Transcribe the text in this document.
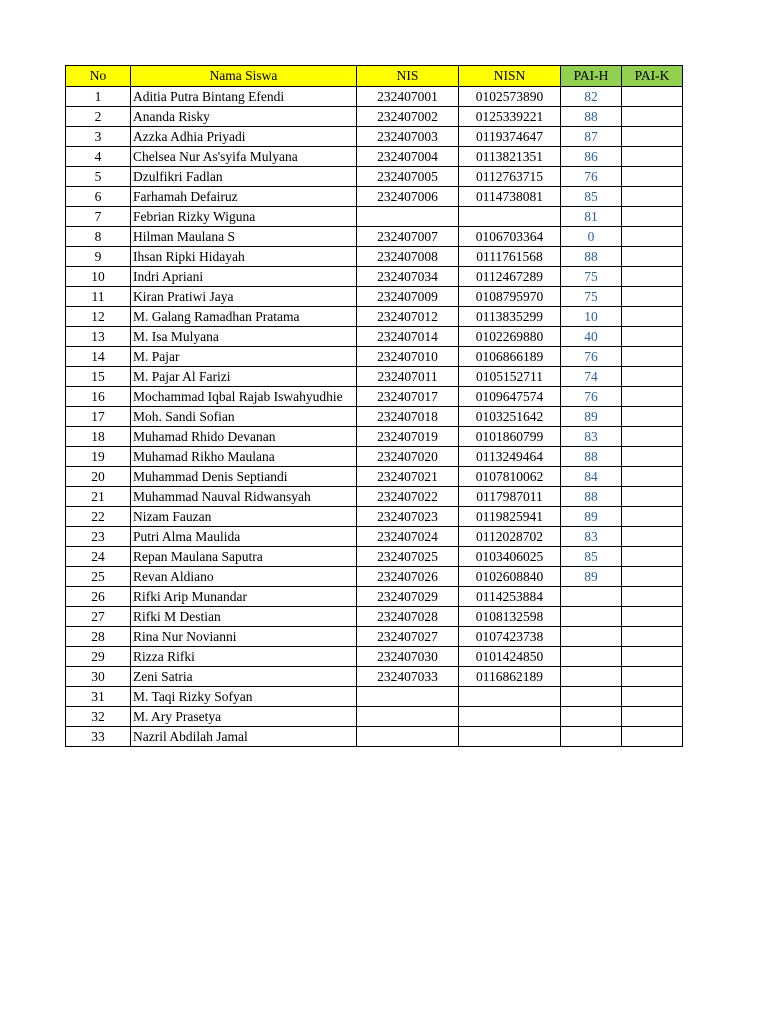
No	Nama Siswa	NIS	NISN	PAI-H	PAI-K
1	Aditia Putra Bintang Efendi	232407001	0102573890	82	
2	Ananda Risky	232407002	0125339221	88	
3	Azzka Adhia Priyadi	232407003	0119374647	87	
4	Chelsea Nur As'syifa Mulyana	232407004	0113821351	86	
5	Dzulfikri Fadlan	232407005	0112763715	76	
6	Farhamah Defairuz	232407006	0114738081	85	
7	Febrian Rizky Wiguna			81	
8	Hilman Maulana S	232407007	0106703364	0	
9	Ihsan Ripki Hidayah	232407008	0111761568	88	
10	Indri Apriani	232407034	0112467289	75	
11	Kiran Pratiwi Jaya	232407009	0108795970	75	
12	M. Galang Ramadhan Pratama	232407012	0113835299	10	
13	M. Isa Mulyana	232407014	0102269880	40	
14	M. Pajar	232407010	0106866189	76	
15	M. Pajar Al Farizi	232407011	0105152711	74	
16	Mochammad Iqbal Rajab Iswahyudhie	232407017	0109647574	76	
17	Moh. Sandi Sofian	232407018	0103251642	89	
18	Muhamad Rhido Devanan	232407019	0101860799	83	
19	Muhamad Rikho Maulana	232407020	0113249464	88	
20	Muhammad Denis Septiandi	232407021	0107810062	84	
21	Muhammad Nauval Ridwansyah	232407022	0117987011	88	
22	Nizam Fauzan	232407023	0119825941	89	
23	Putri Alma Maulida	232407024	0112028702	83	
24	Repan Maulana Saputra	232407025	0103406025	85	
25	Revan Aldiano	232407026	0102608840	89	
26	Rifki Arip Munandar	232407029	0114253884		
27	Rifki M Destian	232407028	0108132598		
28	Rina Nur Novianni	232407027	0107423738		
29	Rizza Rifki	232407030	0101424850		
30	Zeni Satria	232407033	0116862189		
31	M. Taqi Rizky Sofyan				
32	M. Ary Prasetya				
33	Nazril Abdilah Jamal				
